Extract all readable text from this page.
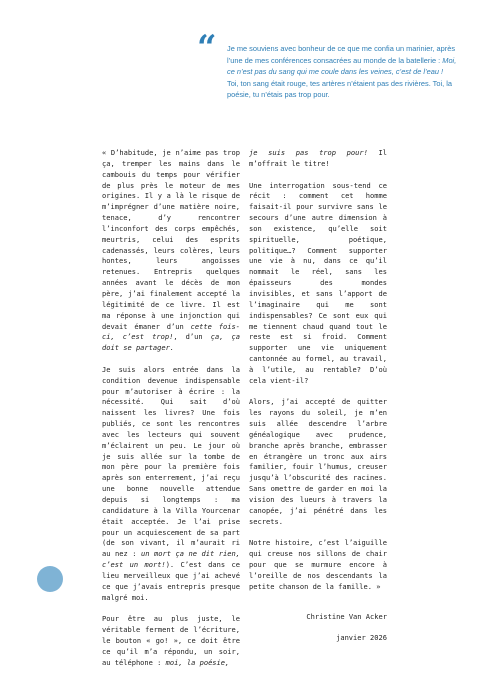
“ Je me souviens avec bonheur de ce que me confia un marinier, après l’une de mes conférences consacrées au monde de la batellerie : Moi, ce n’est pas du sang qui me coule dans les veines, c’est de l’eau !

Toi, ton sang était rouge, tes artères n’étaient pas des rivières. Toi, la poésie, tu n’étais pas trop pour.

« D’habitude, je n’aime pas trop ça, tremper les mains dans le cambouis du temps pour vérifier de plus près le moteur de mes origines. Il y a là le risque de m’imprégner d’une matière noire, tenace, d’y rencontrer l’inconfort des corps empêchés, meurtris, celui des esprits cadenassés, leurs colères, leurs hontes, leurs angoisses retenues. Entrepris quelques années avant le décès de mon père, j’ai finalement accepté la légitimité de ce livre. Il est ma réponse à une injonction qui devait émaner d’un cette fois-ci, c’est trop!, d’un ça, ça doit se partager.

Je suis alors entrée dans la condition devenue indispensable pour m’autoriser à écrire : la nécessité. Qui sait d’où naissent les livres? Une fois publiés, ce sont les rencontres avec les lecteurs qui souvent m’éclairent un peu. Le jour où je suis allée sur la tombe de mon père pour la première fois après son enterrement, j’ai reçu une bonne nouvelle attendue depuis si longtemps : ma candidature à la Villa Yourcenar était acceptée. Je l’ai prise pour un acquiescement de sa part (de son vivant, il m’aurait ri au nez : un mort ça ne dit rien, c’est un mort!). C’est dans ce lieu merveilleux que j’ai achevé ce que j’avais entrepris presque malgré moi.

Pour être au plus juste, le véritable ferment de l’écriture, le bouton « go! », ce doit être ce qu’il m’a répondu, un soir, au téléphone : moi, la poésie,

je suis pas trop pour! Il m’offrait le titre!

Une interrogation sous-tend ce récit : comment cet homme faisait-il pour survivre sans le secours d’une autre dimension à son existence, qu’elle soit spirituelle, poétique, politique…? Comment supporter une vie à nu, dans ce qu’il nommait le réel, sans les épaisseurs des mondes invisibles, et sans l’apport de l’imaginaire qui me sont indispensables? Ce sont eux qui me tiennent chaud quand tout le reste est si froid. Comment supporter une vie uniquement cantonnée au formel, au travail, à l’utile, au rentable? D’où cela vient-il?

Alors, j’ai accepté de quitter les rayons du soleil, je m’en suis allée descendre l’arbre généalogique avec prudence, branche après branche, embrasser en étrangère un tronc aux airs familier, fouir l’humus, creuser jusqu’à l’obscurité des racines. Sans omettre de garder en moi la vision des lueurs à travers la canopée, j’ai pénétré dans les secrets.

Notre histoire, c’est l’aiguille qui creuse nos sillons de chair pour que se murmure encore à l’oreille de nos descendants la petite chanson de la famille. »

Christine Van Acker

janvier 2026
